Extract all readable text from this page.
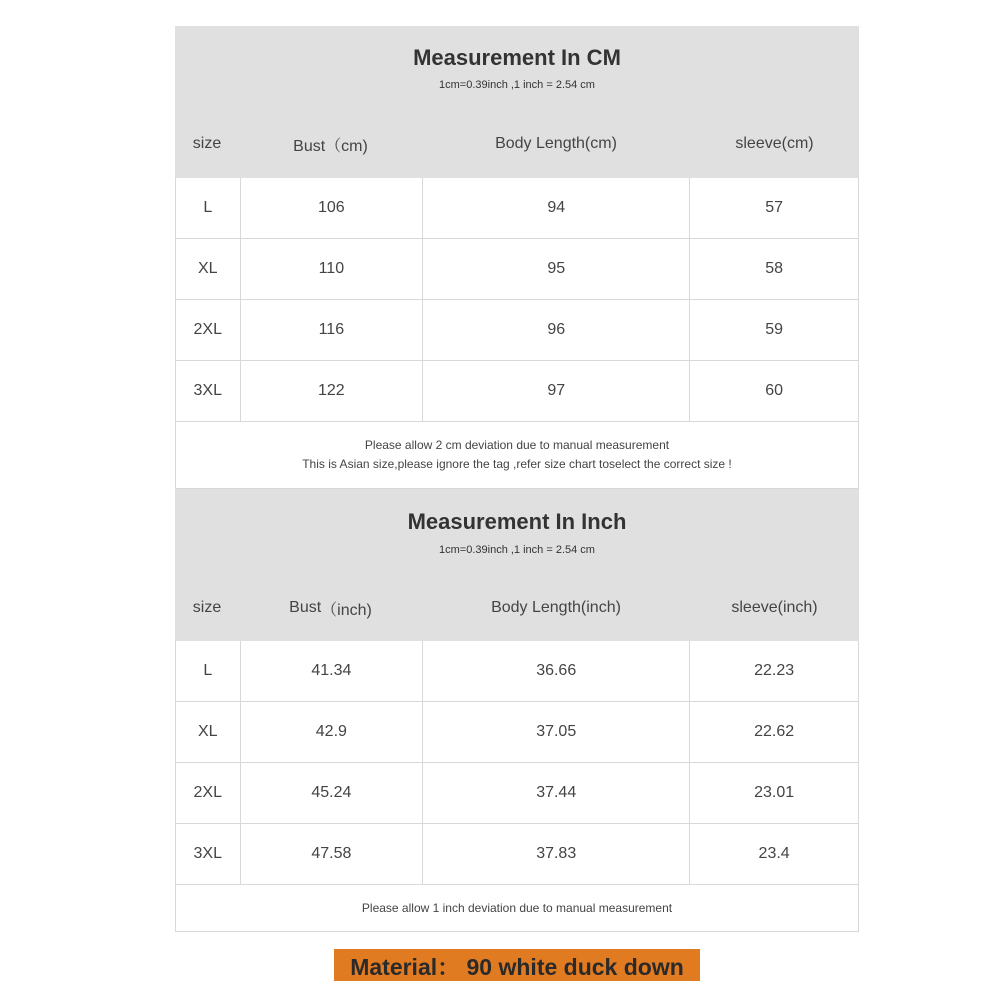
Measurement In CM
1cm=0.39inch ,1 inch = 2.54 cm
size	Bust（cm)	Body Length(cm)	sleeve(cm)
L	106	94	57
XL	110	95	58
2XL	116	96	59
3XL	122	97	60
Please allow 2 cm deviation due to manual measurement
This is Asian size,please ignore the tag ,refer size chart toselect the correct size !
Measurement In Inch
1cm=0.39inch ,1 inch = 2.54 cm
size	Bust （inch)	Body Length (inch)	sleeve (inch)
L	41.34	36.66	22.23
XL	42.9	37.05	22.62
2XL	45.24	37.44	23.01
3XL	47.58	37.83	23.4
Please allow 1 inch deviation due to manual measurement
Material： 90 white duck down
